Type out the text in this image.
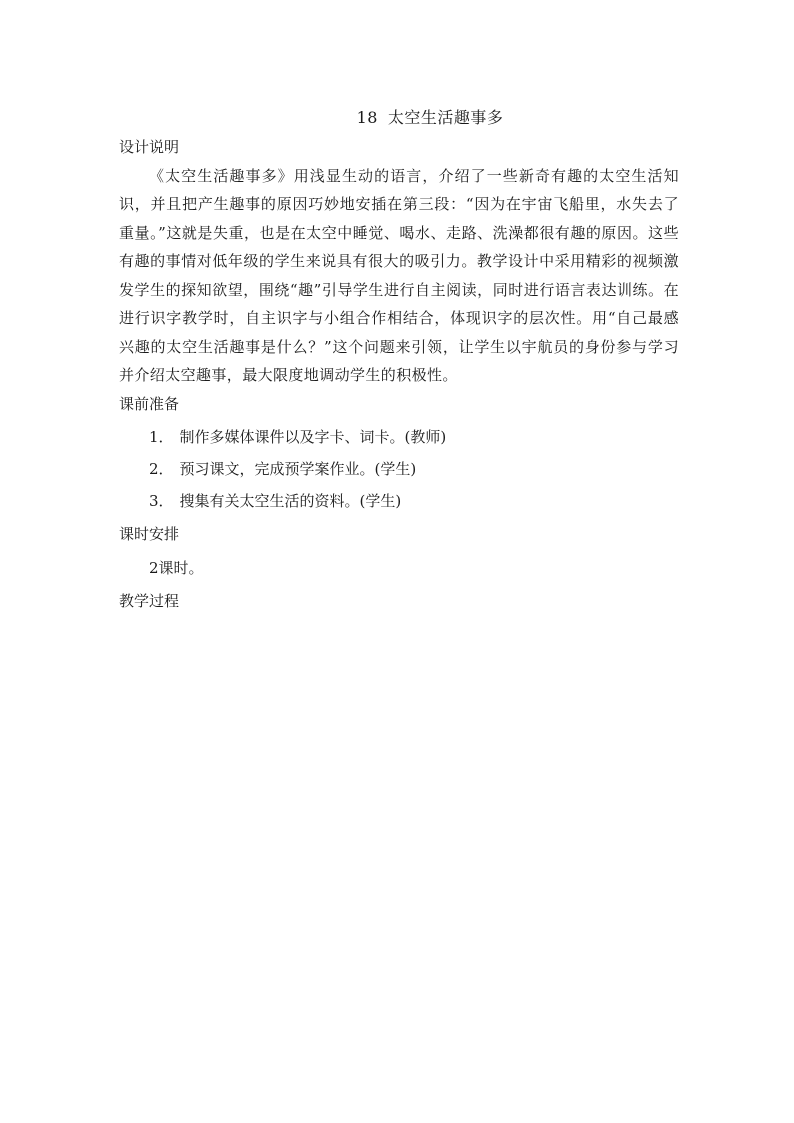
18 太空生活趣事多

设计说明

《太空生活趣事多》用浅显生动的语言，介绍了一些新奇有趣的太空生活知识，并且把产生趣事的原因巧妙地安插在第三段：“因为在宇宙飞船里，水失去了重量。”这就是失重，也是在太空中睡觉、喝水、走路、洗澡都很有趣的原因。这些有趣的事情对低年级的学生来说具有很大的吸引力。教学设计中采用精彩的视频激发学生的探知欲望，围绕“趣”引导学生进行自主阅读，同时进行语言表达训练。在进行识字教学时，自主识字与小组合作相结合，体现识字的层次性。用“自己最感兴趣的太空生活趣事是什么？”这个问题来引领，让学生以宇航员的身份参与学习并介绍太空趣事，最大限度地调动学生的积极性。

课前准备

1． 制作多媒体课件以及字卡、词卡。(教师)
2． 预习课文，完成预学案作业。(学生)
3． 搜集有关太空生活的资料。(学生)

课时安排

2课时。

教学过程
